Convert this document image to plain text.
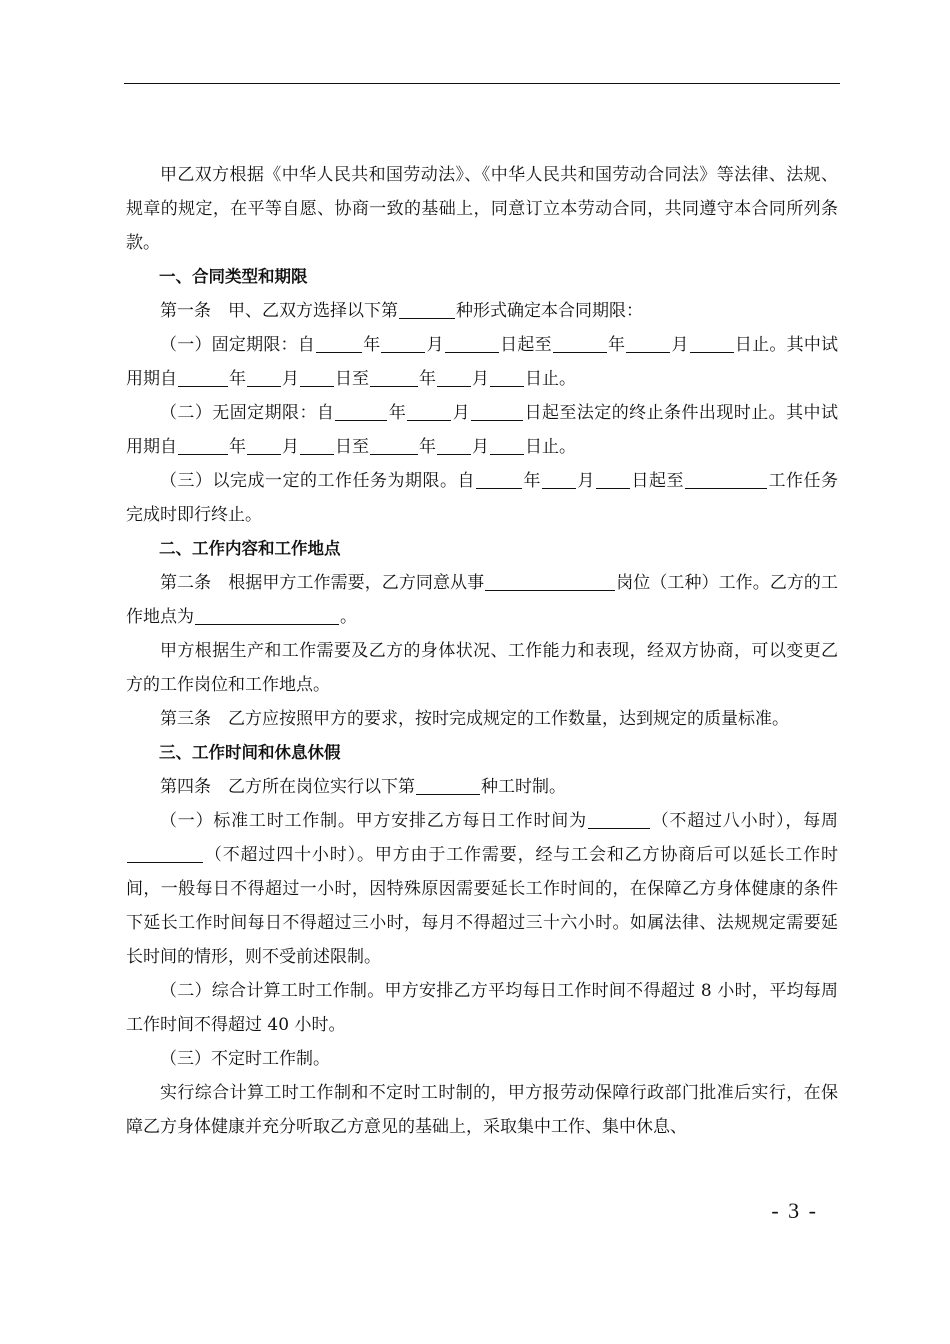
甲乙双方根据《中华人民共和国劳动法》、《中华人民共和国劳动合同法》等法律、法规、规章的规定，在平等自愿、协商一致的基础上，同意订立本劳动合同，共同遵守本合同所列条款。

一、合同类型和期限

第一条　甲、乙双方选择以下第	种形式确定本合同期限：

（一）固定期限：自	年	月	日起至	年	月	日止。其中试用期自	年 月 日至	年 月 日止。

（二）无固定期限：自	年	月	日起至法定的终止条件出现时止。其中试用期自	年 月 日至	年 月 日止。

（三）以完成一定的工作任务为期限。自	年 月 日起至	工作任务完成时即行终止。

二、工作内容和工作地点

第二条　根据甲方工作需要，乙方同意从事	岗位（工种）工作。乙方的工作地点为	。

甲方根据生产和工作需要及乙方的身体状况、工作能力和表现，经双方协商，可以变更乙方的工作岗位和工作地点。

第三条　乙方应按照甲方的要求，按时完成规定的工作数量，达到规定的质量标准。

三、工作时间和休息休假

第四条　乙方所在岗位实行以下第	种工时制。

（一）标准工时工作制。甲方安排乙方每日工作时间为	（不超过八小时），每周（不超过四十小时）。甲方由于工作需要，经与工会和乙方协商后可以延长工作时间，一般每日不得超过一小时，因特殊原因需要延长工作时间的，在保障乙方身体健康的条件下延长工作时间每日不得超过三小时，每月不得超过三十六小时。如属法律、法规规定需要延长时间的情形，则不受前述限制。

（二）综合计算工时工作制。甲方安排乙方平均每日工作时间不得超过 8 小时，平均每周工作时间不得超过 40 小时。

（三）不定时工作制。

实行综合计算工时工作制和不定时工时制的，甲方报劳动保障行政部门批准后实行，在保障乙方身体健康并充分听取乙方意见的基础上，采取集中工作、集中休息、

- 3 -
